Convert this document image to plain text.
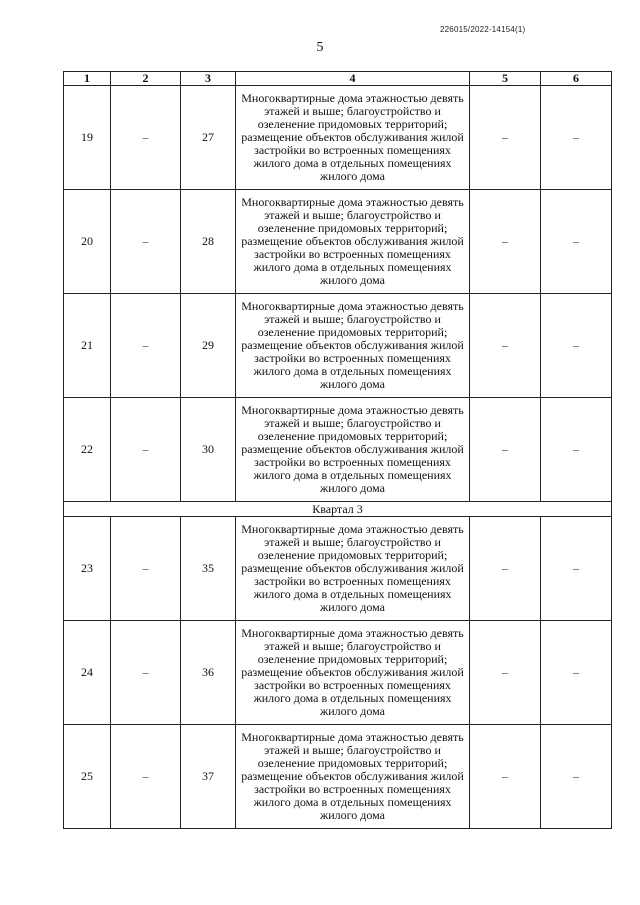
226015/2022-14154(1)
5
1	2	3	4	5	6
19	–	27	Многоквартирные дома этажностью девять этажей и выше; благоустройство и озеленение придомовых территорий; размещение объектов обслуживания жилой застройки во встроенных помещениях жилого дома в отдельных помещениях жилого дома	–	–
20	–	28	Многоквартирные дома этажностью девять этажей и выше; благоустройство и озеленение придомовых территорий; размещение объектов обслуживания жилой застройки во встроенных помещениях жилого дома в отдельных помещениях жилого дома	–	–
21	–	29	Многоквартирные дома этажностью девять этажей и выше; благоустройство и озеленение придомовых территорий; размещение объектов обслуживания жилой застройки во встроенных помещениях жилого дома в отдельных помещениях жилого дома	–	–
22	–	30	Многоквартирные дома этажностью девять этажей и выше; благоустройство и озеленение придомовых территорий; размещение объектов обслуживания жилой застройки во встроенных помещениях жилого дома в отдельных помещениях жилого дома	–	–
Квартал 3					
23	–	35	Многоквартирные дома этажностью девять этажей и выше; благоустройство и озеленение придомовых территорий; размещение объектов обслуживания жилой застройки во встроенных помещениях жилого дома в отдельных помещениях жилого дома	–	–
24	–	36	Многоквартирные дома этажностью девять этажей и выше; благоустройство и озеленение придомовых территорий; размещение объектов обслуживания жилой застройки во встроенных помещениях жилого дома в отдельных помещениях жилого дома	–	–
25	–	37	Многоквартирные дома этажностью девять этажей и выше; благоустройство и озеленение придомовых территорий; размещение объектов обслуживания жилой застройки во встроенных помещениях жилого дома в отдельных помещениях жилого дома	–	–
